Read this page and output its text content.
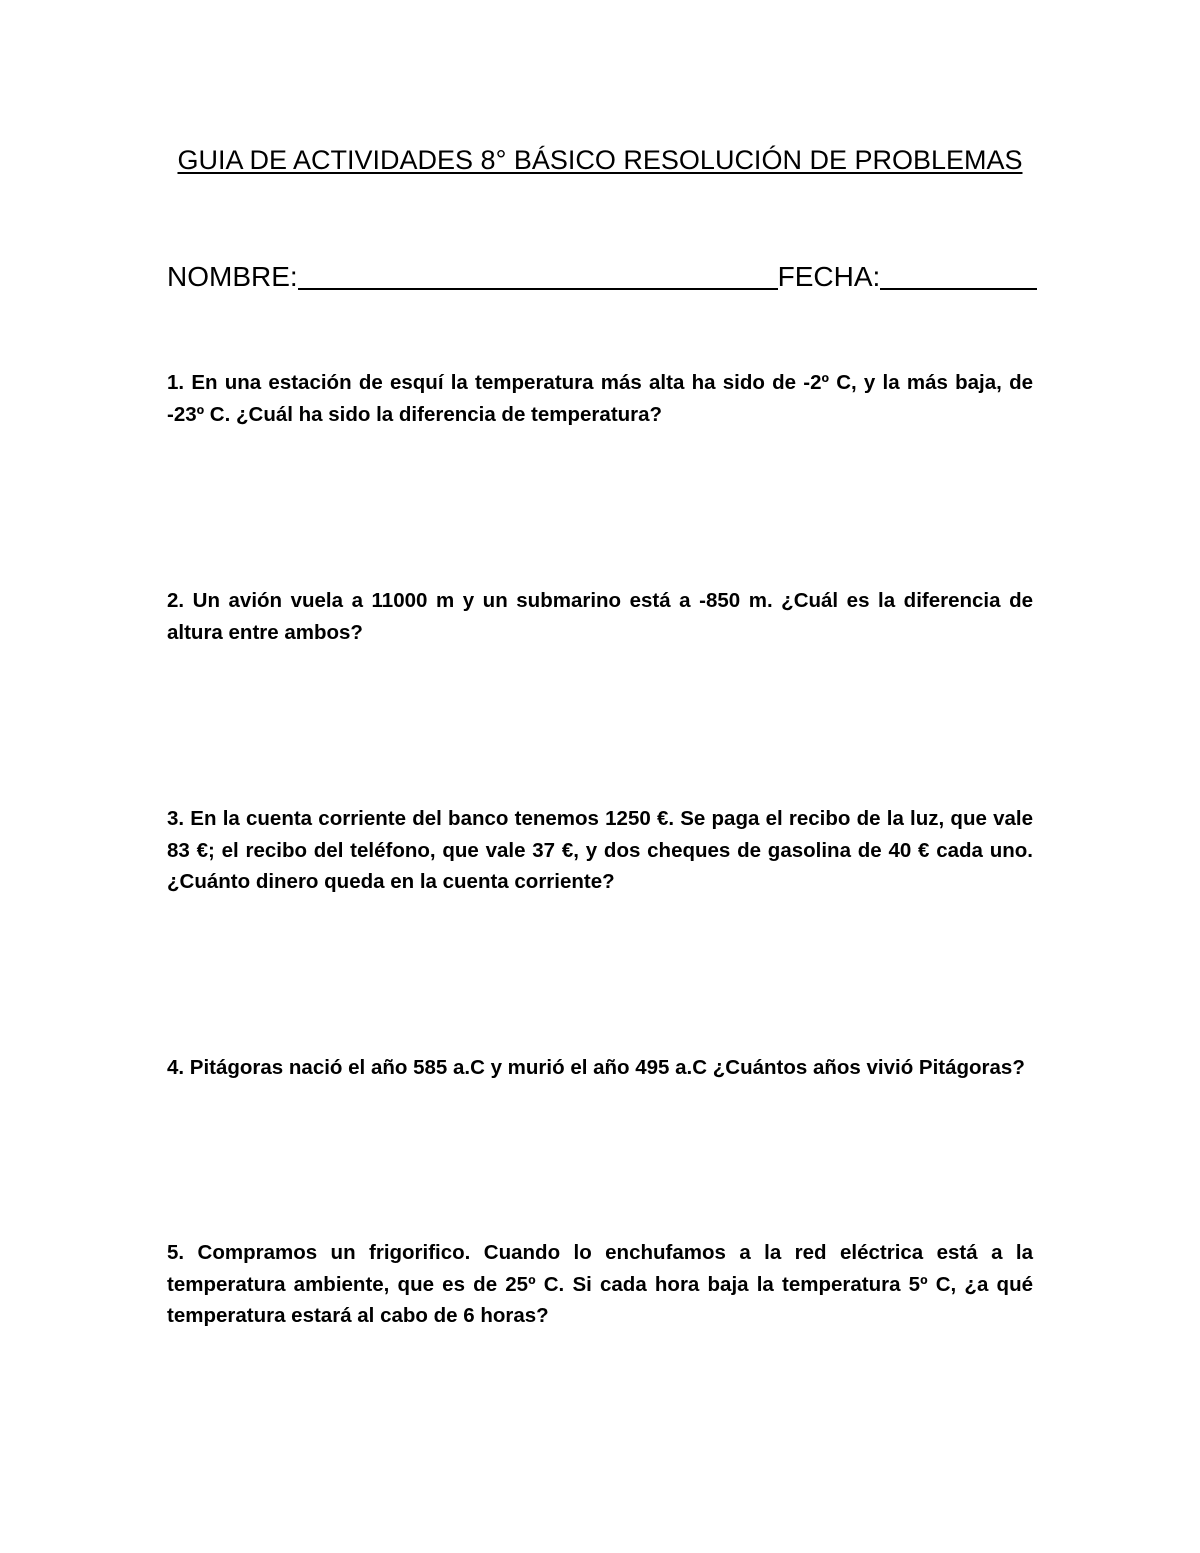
GUIA DE ACTIVIDADES 8° BÁSICO RESOLUCIÓN DE PROBLEMAS
NOMBRE:	FECHA:
1. En una estación de esquí la temperatura más alta ha sido de -2º C, y la más baja, de -23º C. ¿Cuál ha sido la diferencia de temperatura?
2. Un avión vuela a 11000 m y un submarino está a -850 m. ¿Cuál es la diferencia de altura entre ambos?
3. En la cuenta corriente del banco tenemos 1250 €. Se paga el recibo de la luz, que vale 83 €; el recibo del teléfono, que vale 37 €, y dos cheques de gasolina de 40 € cada uno. ¿Cuánto dinero queda en la cuenta corriente?
4. Pitágoras nació el año 585 a.C y murió el año 495 a.C ¿Cuántos años vivió Pitágoras?
5. Compramos un frigorifico. Cuando lo enchufamos a la red eléctrica está a la temperatura ambiente, que es de 25º C. Si cada hora baja la temperatura 5º C, ¿a qué temperatura estará al cabo de 6 horas?
